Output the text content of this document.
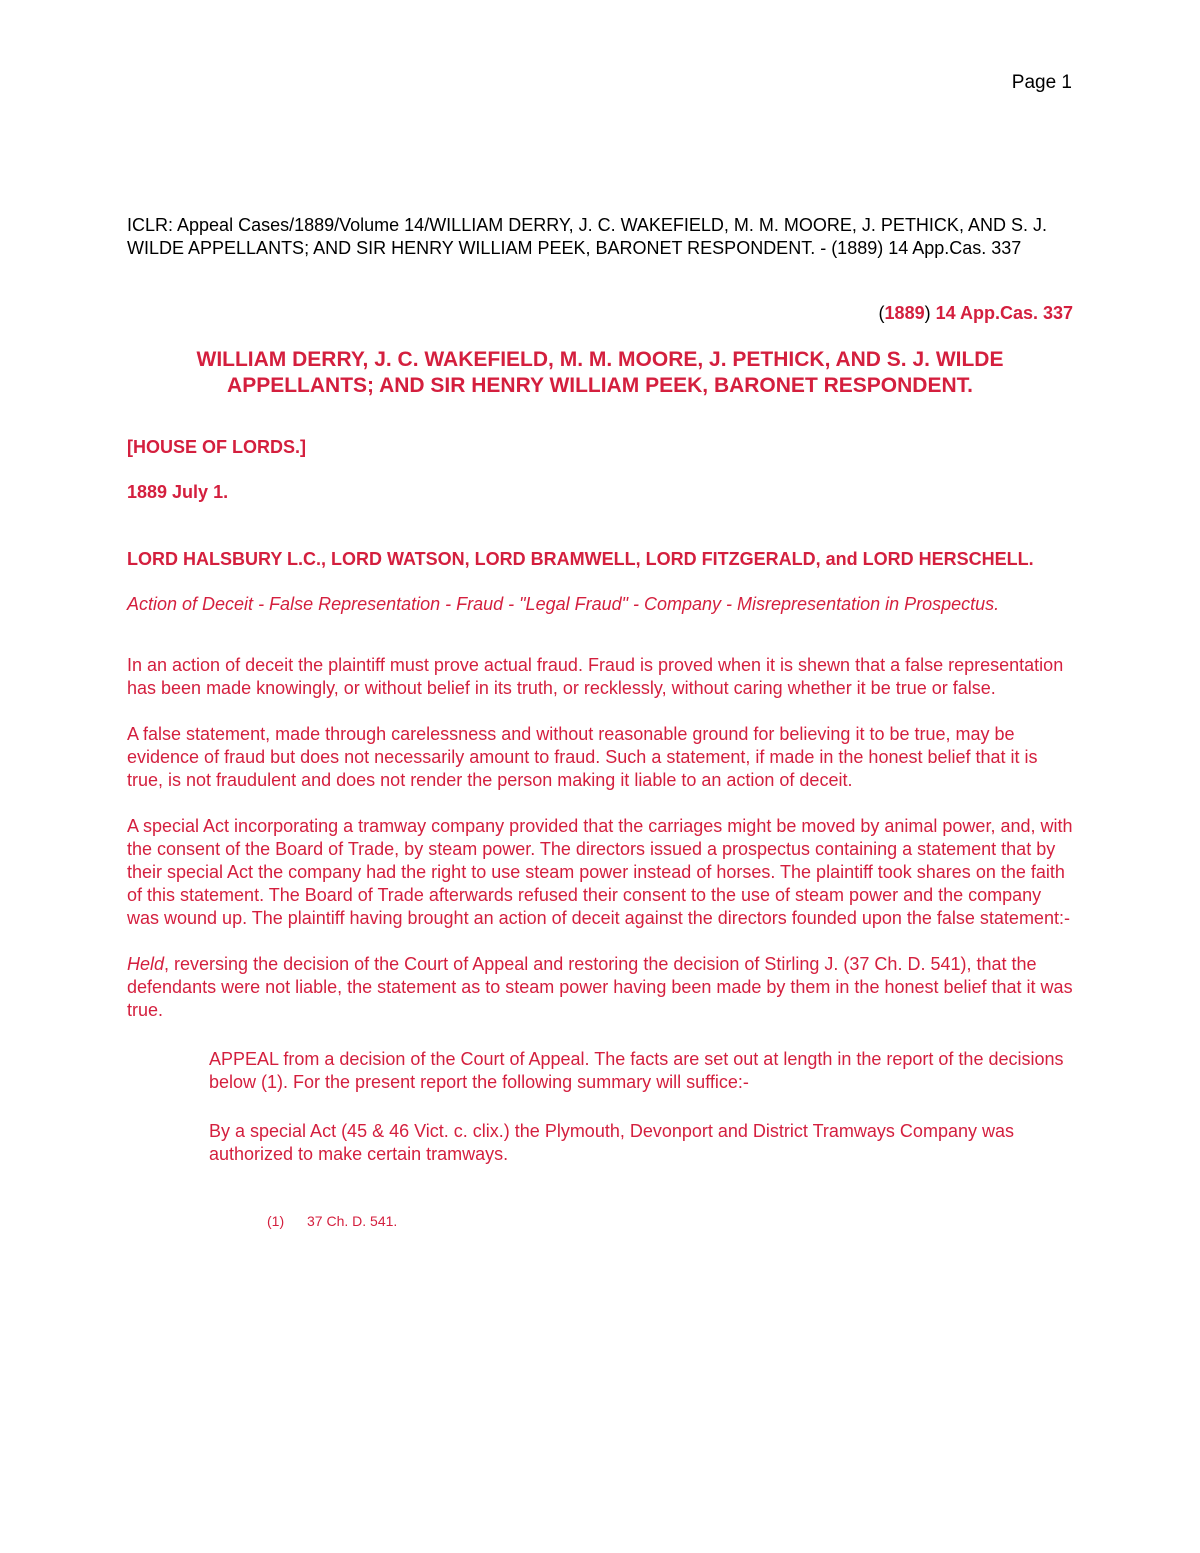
Page 1

ICLR: Appeal Cases/1889/Volume 14/WILLIAM DERRY, J. C. WAKEFIELD, M. M. MOORE, J. PETHICK, AND S. J. WILDE APPELLANTS; AND SIR HENRY WILLIAM PEEK, BARONET RESPONDENT. - (1889) 14 App.Cas. 337

(1889) 14 App.Cas. 337
WILLIAM DERRY, J. C. WAKEFIELD, M. M. MOORE, J. PETHICK, AND S. J. WILDE APPELLANTS; AND SIR HENRY WILLIAM PEEK, BARONET RESPONDENT.
[HOUSE OF LORDS.]
1889 July 1.
LORD HALSBURY L.C., LORD WATSON, LORD BRAMWELL, LORD FITZGERALD, and LORD HERSCHELL.
Action of Deceit - False Representation - Fraud - "Legal Fraud" - Company - Misrepresentation in Prospectus.
In an action of deceit the plaintiff must prove actual fraud. Fraud is proved when it is shewn that a false representation has been made knowingly, or without belief in its truth, or recklessly, without caring whether it be true or false.
A false statement, made through carelessness and without reasonable ground for believing it to be true, may be evidence of fraud but does not necessarily amount to fraud. Such a statement, if made in the honest belief that it is true, is not fraudulent and does not render the person making it liable to an action of deceit.
A special Act incorporating a tramway company provided that the carriages might be moved by animal power, and, with the consent of the Board of Trade, by steam power. The directors issued a prospectus containing a statement that by their special Act the company had the right to use steam power instead of horses. The plaintiff took shares on the faith of this statement. The Board of Trade afterwards refused their consent to the use of steam power and the company was wound up. The plaintiff having brought an action of deceit against the directors founded upon the false statement:-
Held, reversing the decision of the Court of Appeal and restoring the decision of Stirling J. (37 Ch. D. 541), that the defendants were not liable, the statement as to steam power having been made by them in the honest belief that it was true.
APPEAL from a decision of the Court of Appeal. The facts are set out at length in the report of the decisions below (1). For the present report the following summary will suffice:-
By a special Act (45 & 46 Vict. c. clix.) the Plymouth, Devonport and District Tramways Company was authorized to make certain tramways.
(1) 37 Ch. D. 541.
